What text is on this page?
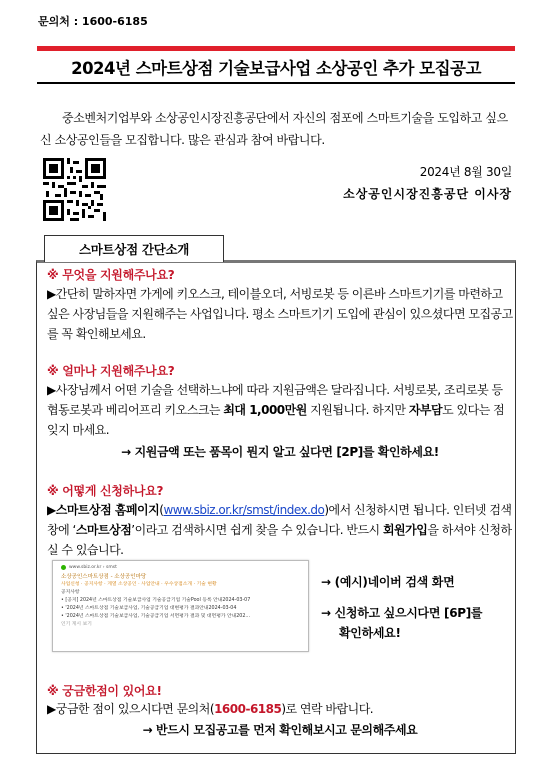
문의처 : 1600-6185
2024년 스마트상점 기술보급사업 소상공인 추가 모집공고
중소벤처기업부와 소상공인시장진흥공단에서 자신의 점포에 스마트기술을 도입하고 싶으신 소상공인들을 모집합니다. 많은 관심과 참여 바랍니다.
2024년 8월 30일
소상공인시장진흥공단 이사장
스마트상점 간단소개
※ 무엇을 지원해주나요?
▶간단히 말하자면 가게에 키오스크, 테이블오더, 서빙로봇 등 이른바 스마트기기를 마련하고 싶은 사장님들을 지원해주는 사업입니다. 평소 스마트기기 도입에 관심이 있으셨다면 모집공고를 꼭 확인해보세요.
※ 얼마나 지원해주나요?
▶사장님께서 어떤 기술을 선택하느냐에 따라 지원금액은 달라집니다. 서빙로봇, 조리로봇 등 협동로봇과 베리어프리 키오스크는 최대 1,000만원 지원됩니다. 하지만 자부담도 있다는 점 잊지 마세요.
→ 지원금액 또는 품목이 뭔지 알고 싶다면 [2P]를 확인하세요!
※ 어떻게 신청하나요?
▶스마트상점 홈페이지(www.sbiz.or.kr/smst/index.do)에서 신청하시면 됩니다. 인터넷 검색창에 ‘스마트상점’이라고 검색하시면 쉽게 찾을 수 있습니다. 반드시 회원가입을 하셔야 신청하실 수 있습니다.
www.sbiz.or.kr › smst
소상공인스마트상점 - 소상공인마당
사업신청 · 공지사항 · 게열 소상공인 · 사업안내 · 우수상점소개 · 기술 현황
공지사항
• [공지] 2024년 스마트상점 기술보급사업 기술공급기업 기술Pool 등록 안내2024-03-07
• '2024년 스마트상점 기술보급사업, 기술공급기업 대변평가 결과안내2024-03-04
• '2024년 스마트상점 기술보급사업, 기술공급기업 서면평가 결과 및 대면평가 안내202...
인기 게시 보기
→ (예시)네이버 검색 화면
→ 신청하고 싶으시다면 [6P]를
확인하세요!
※ 궁금한점이 있어요!
▶궁금한 점이 있으시다면 문의처(1600-6185)로 연락 바랍니다.
→ 반드시 모집공고를 먼저 확인해보시고 문의해주세요
